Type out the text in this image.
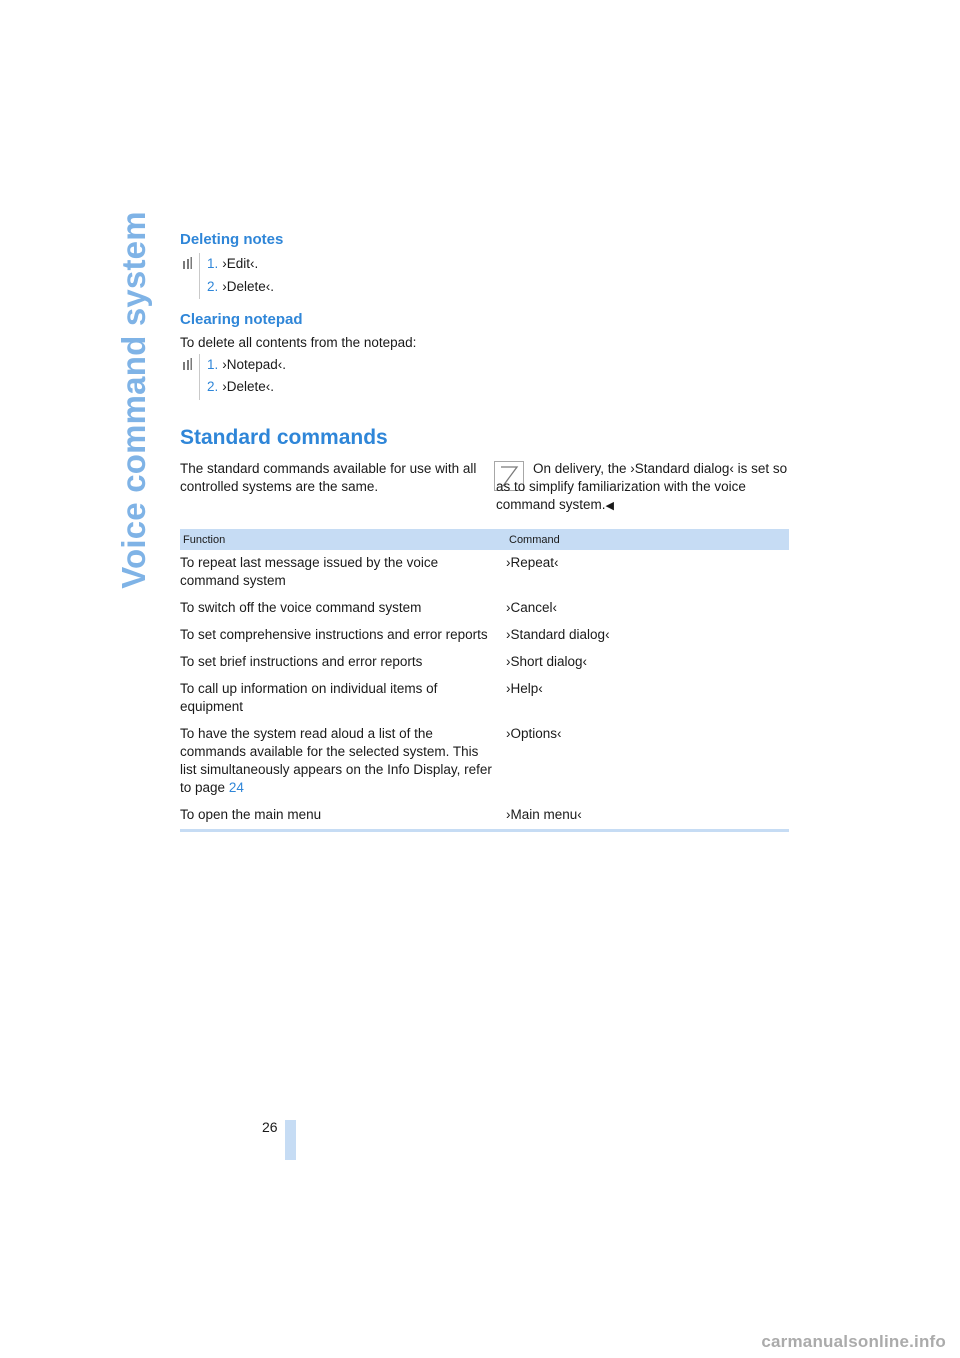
Voice command system Deleting notes
1. ›Edit‹.
2. ›Delete‹.
Clearing notepad

To delete all contents from the notepad:

1. ›Notepad‹.
2. ›Delete‹.
Standard commands

The standard commands available for use with all controlled systems are the same.

On delivery, the ›Standard dialog‹ is set so as to simplify familiarization with the voice command system.◀

Function	Command
To repeat last message issued by the voice command system	›Repeat‹
To switch off the voice command system	›Cancel‹
To set comprehensive instructions and error reports	›Standard dialog‹
To set brief instructions and error reports	›Short dialog‹
To call up information on individual items of equipment	›Help‹
To have the system read aloud a list of the commands available for the selected system. This list simultaneously appears on the Info Display, refer to page 24	›Options‹
To open the main menu	›Main menu‹
26
carmanualsonline.info
